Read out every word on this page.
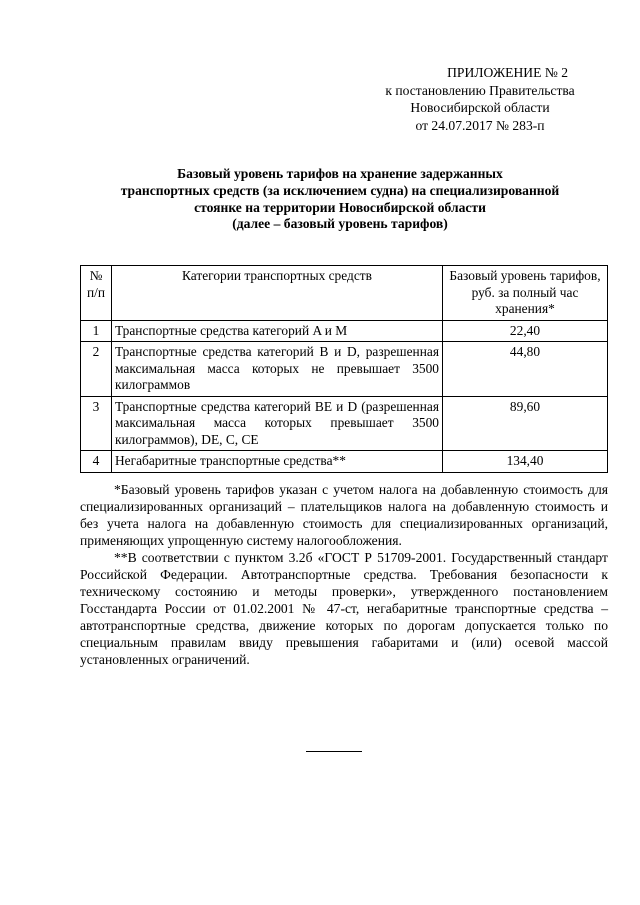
ПРИЛОЖЕНИЕ № 2
к постановлению Правительства
Новосибирской области
от 24.07.2017 № 283-п
Базовый уровень тарифов на хранение задержанных
транспортных средств (за исключением судна) на специализированной
стоянке на территории Новосибирской области
(далее – базовый уровень тарифов)
№
п/п	Категории транспортных средств	Базовый уровень тарифов, руб. за полный час хранения*
1	Транспортные средства категорий A и M	22,40
2	Транспортные средства категорий B и D, разрешенная максимальная масса которых не превышает 3500 килограммов	44,80
3	Транспортные средства категорий BE и D (разрешенная максимальная масса которых превышает 3500 килограммов), DE, C, CE	89,60
4	Негабаритные транспортные средства**	134,40

*Базовый уровень тарифов указан с учетом налога на добавленную стоимость для специализированных организаций – плательщиков налога на добавленную стоимость и без учета налога на добавленную стоимость для специализированных организаций, применяющих упрощенную систему налогообложения.

**В соответствии с пунктом 3.2б «ГОСТ Р 51709-2001. Государственный стандарт Российской Федерации. Автотранспортные средства. Требования безопасности к техническому состоянию и методы проверки», утвержденного постановлением Госстандарта России от 01.02.2001 № 47-ст, негабаритные транспортные средства – автотранспортные средства, движение которых по дорогам допускается только по специальным правилам ввиду превышения габаритами и (или) осевой массой установленных ограничений.
